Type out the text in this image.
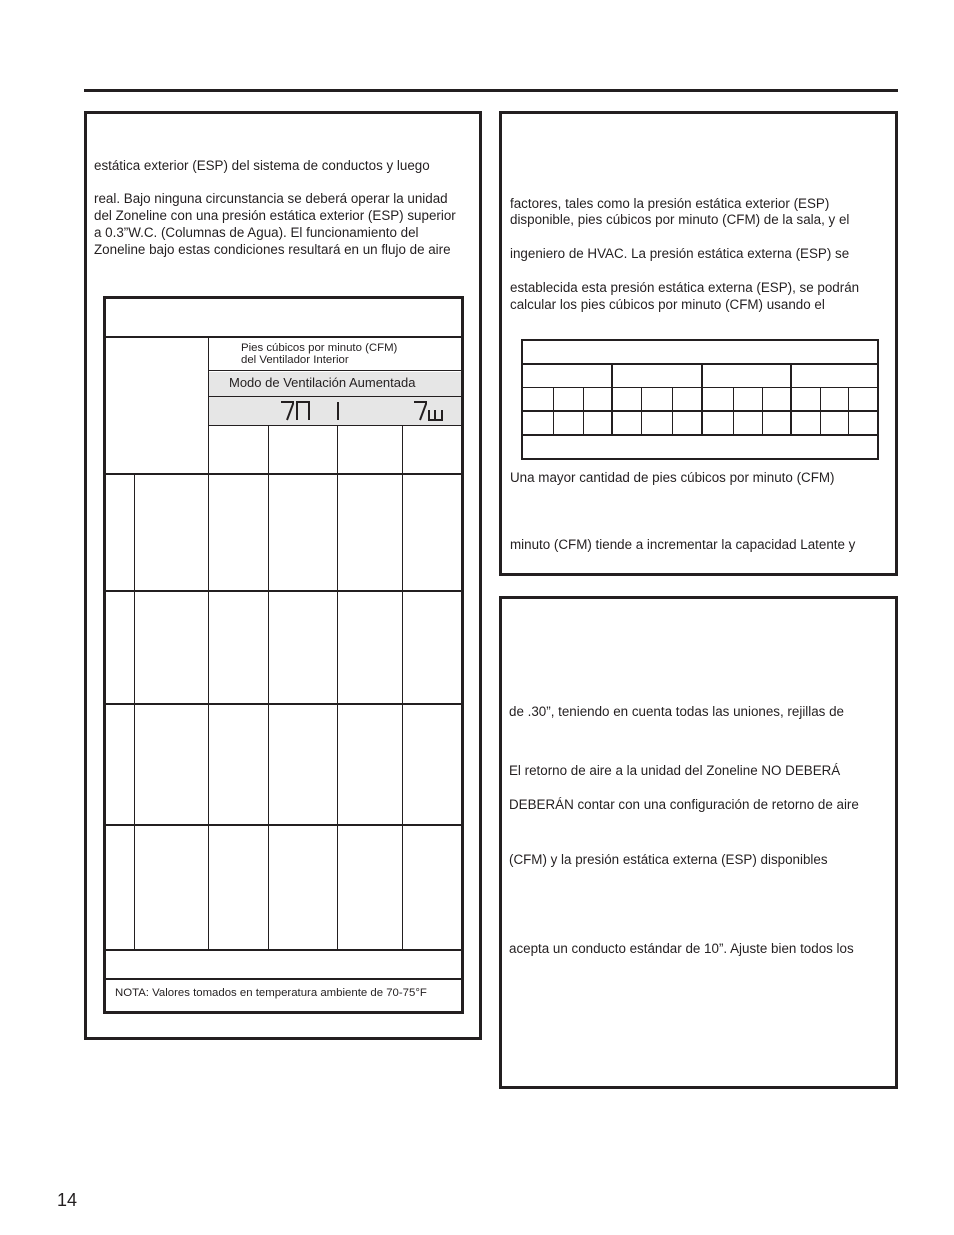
estática exterior (ESP) del sistema de conductos y luego
real. Bajo ninguna circunstancia se deberá operar la unidad
del Zoneline con una presión estática exterior (ESP) superior
a 0.3”W.C. (Columnas de Agua). El funcionamiento del
Zoneline bajo estas condiciones resultará en un flujo de aire
Pies cúbicos por minuto (CFM)
del Ventilador Interior
Modo de Ventilación Aumentada
NOTA: Valores tomados en temperatura ambiente de 70-75°F
factores, tales como la presión estática exterior (ESP)
disponible, pies cúbicos por minuto (CFM) de la sala, y el
ingeniero de HVAC. La presión estática externa (ESP) se
establecida esta presión estática externa (ESP), se podrán
calcular los pies cúbicos por minuto (CFM) usando el
Una mayor cantidad de pies cúbicos por minuto (CFM)
minuto (CFM) tiende a incrementar la capacidad Latente y
de .30”, teniendo en cuenta todas las uniones, rejillas de
El retorno de aire a la unidad del Zoneline NO DEBERÁ
DEBERÁN contar con una configuración de retorno de aire
(CFM) y la presión estática externa (ESP) disponibles
acepta un conducto estándar de 10”. Ajuste bien todos los
14
